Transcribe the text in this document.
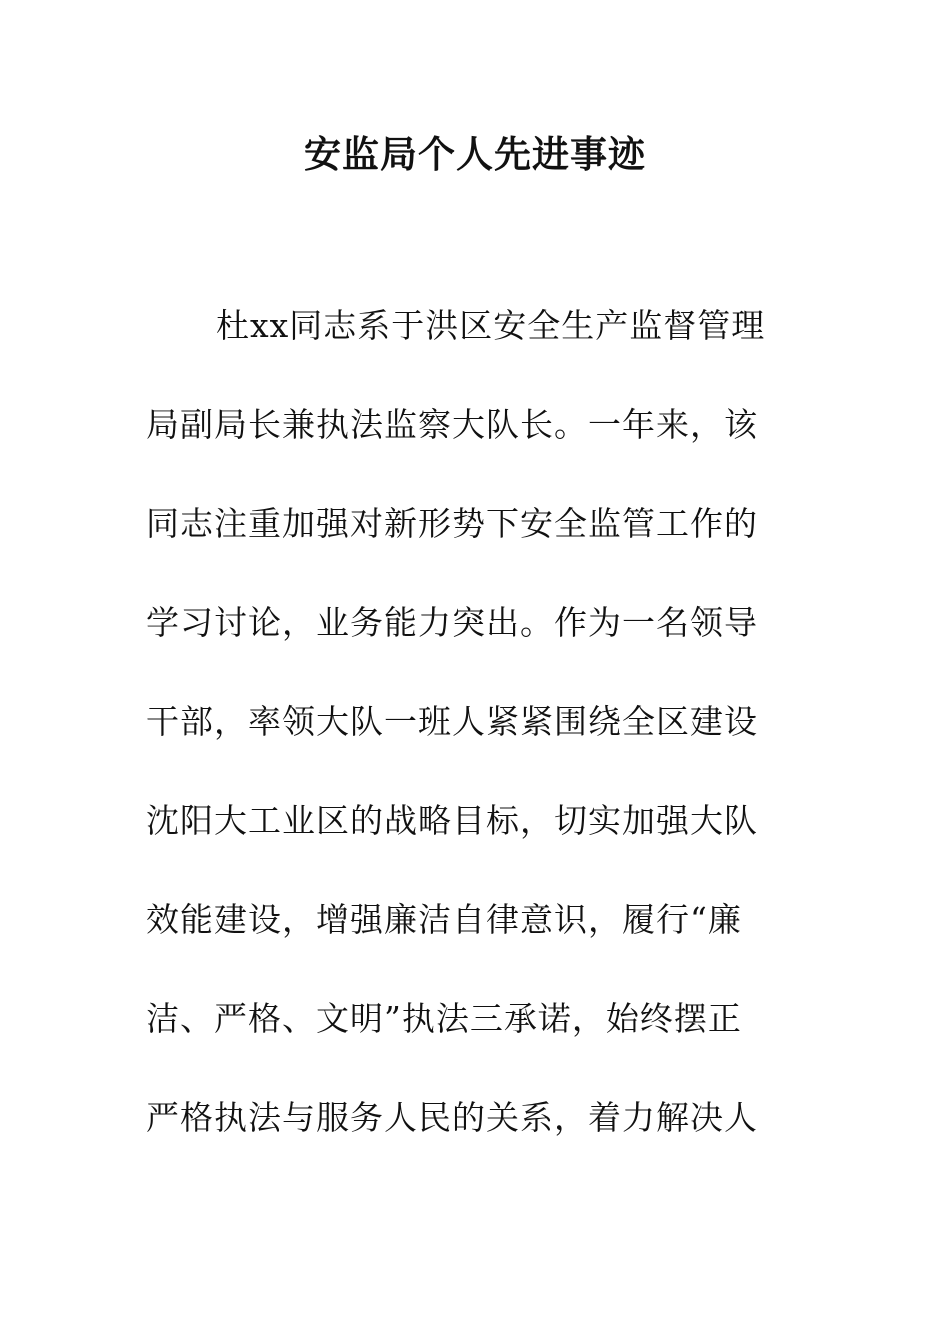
安监局个人先进事迹
杜xx同志系于洪区安全生产监督管理
局副局长兼执法监察大队长。一年来，该
同志注重加强对新形势下安全监管工作的
学习讨论，业务能力突出。作为一名领导
干部，率领大队一班人紧紧围绕全区建设
沈阳大工业区的战略目标，切实加强大队
效能建设，增强廉洁自律意识，履行“廉
洁、严格、文明”执法三承诺，始终摆正
严格执法与服务人民的关系，着力解决人
